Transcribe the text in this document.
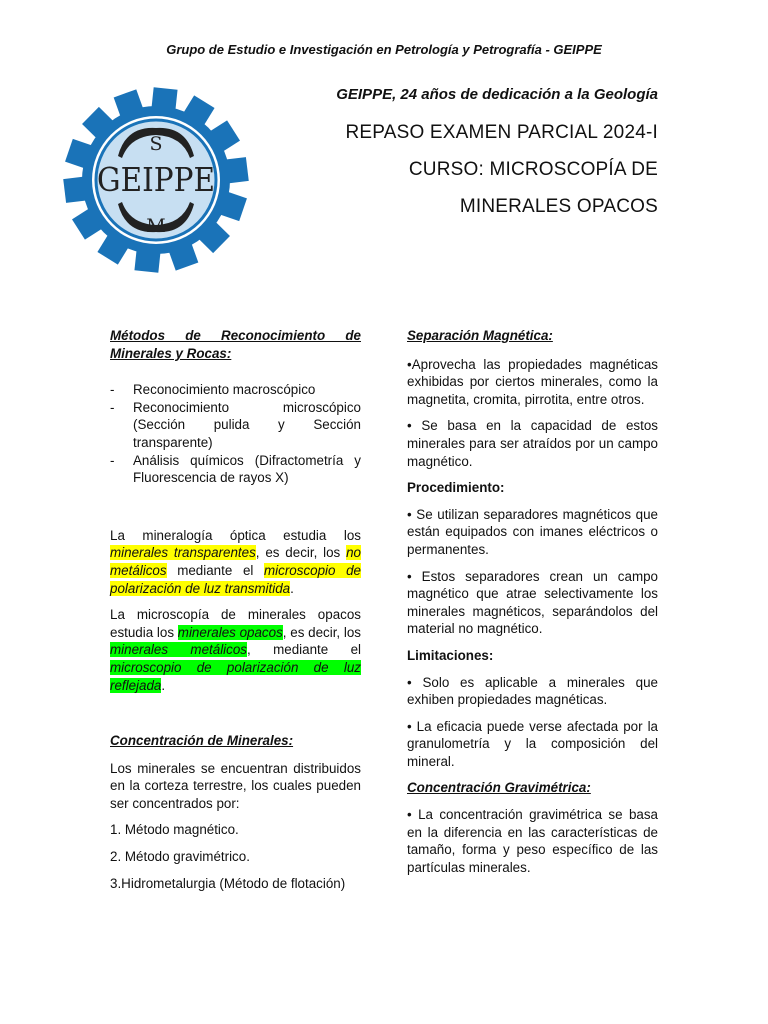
Grupo de Estudio e Investigación en Petrología y Petrografía - GEIPPE
S
GEIPPE
M
GEIPPE, 24 años de dedicación a la Geología
REPASO EXAMEN PARCIAL 2024-I
CURSO: MICROSCOPÍA DE
MINERALES OPACOS

Métodos de Reconocimiento de Minerales y Rocas:

- Reconocimiento macroscópico
- Reconocimiento microscópico (Sección pulida y Sección transparente)
- Análisis químicos (Difractometría y Fluorescencia de rayos X)

La mineralogía óptica estudia los minerales transparentes, es decir, los no metálicos mediante el microscopio de polarización de luz transmitida.

La microscopía de minerales opacos estudia los minerales opacos, es decir, los minerales metálicos, mediante el microscopio de polarización de luz reflejada.

Concentración de Minerales:

Los minerales se encuentran distribuidos en la corteza terrestre, los cuales pueden ser concentrados por:

1. Método magnético.

2. Método gravimétrico.

3.Hidrometalurgia (Método de flotación)

Separación Magnética:

•Aprovecha las propiedades magnéticas exhibidas por ciertos minerales, como la magnetita, cromita, pirrotita, entre otros.

• Se basa en la capacidad de estos minerales para ser atraídos por un campo magnético.

Procedimiento:

• Se utilizan separadores magnéticos que están equipados con imanes eléctricos o permanentes.

• Estos separadores crean un campo magnético que atrae selectivamente los minerales magnéticos, separándolos del material no magnético.

Limitaciones:

• Solo es aplicable a minerales que exhiben propiedades magnéticas.

• La eficacia puede verse afectada por la granulometría y la composición del mineral.

Concentración Gravimétrica:

• La concentración gravimétrica se basa en la diferencia en las características de tamaño, forma y peso específico de las partículas minerales.
